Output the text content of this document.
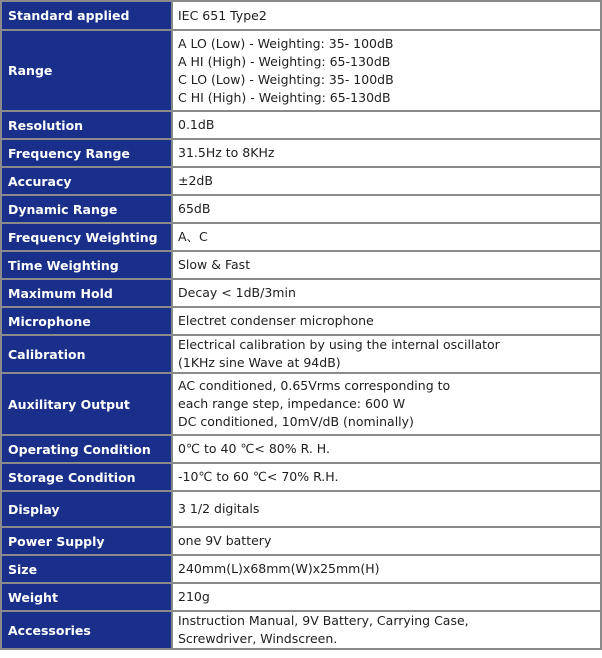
Standard applied	IEC 651 Type2

Range	A LO (Low) - Weighting: 35- 100dB
A HI (High) - Weighting: 65-130dB
C LO (Low) - Weighting: 35- 100dB
C HI (High) - Weighting: 65-130dB

Resolution	0.1dB

Frequency Range	31.5Hz to 8KHz

Accuracy	±2dB

Dynamic Range	65dB

Frequency Weighting	A、C

Time Weighting	Slow & Fast

Maximum Hold	Decay < 1dB/3min

Microphone	Electret condenser microphone

Calibration	Electrical calibration by using the internal oscillator
(1KHz sine Wave at 94dB)

Auxilitary Output	AC conditioned, 0.65Vrms corresponding to
each range step, impedance: 600 W
DC conditioned, 10mV/dB (nominally)

Operating Condition	0℃ to 40 ℃< 80% R. H.

Storage Condition	-10℃ to 60 ℃< 70% R.H.

Display	3 1/2 digitals

Power Supply	one 9V battery

Size	240mm(L)x68mm(W)x25mm(H)

Weight	210g

Accessories	Instruction Manual, 9V Battery, Carrying Case,
Screwdriver, Windscreen.
